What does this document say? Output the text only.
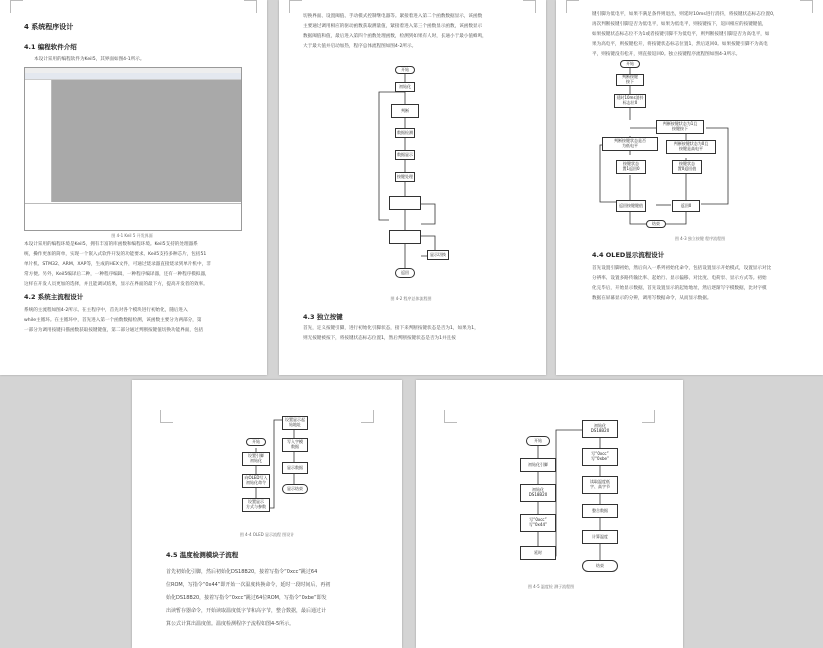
4 系统程序设计
4.1 编程软件介绍
本设计采用的编程软件为Keil5，其界面如图4-1所示。
图 4-1 Keil 5 开发界面
本设计采用的编程环境是Keil5，拥有丰富的库函数和编程环境。Keil5支持的处理器系
统，操作更加的简单，实现一个嵌入式软件开发的功能要求。Keil5支持多种芯片，包括51
单片机、STM32、ARM、XAP等，生成的HEX文件，可通过烧录器直接烧录到单片机中，非
常方便。另外，Keil5编译后二种，一种程序编辑，一种程序编译器，还有一种程序模拟器，
这样在开发人员更加的选择，并且能调试结果，显示在界面的最下方，提高开发者的效率。
4.2 系统主流程设计
系统的主流程如图4-2所示。在主程序中，首先对各个模块进行初始化，随后进入
while主循环。在主循环中，首先进入第一个函数数据检测，该函数主要分为两部分，第
一部分为调用按键扫描函数获取按键键值，第二部分通过判断按键值切换功能界面，包括
切换界面、设置阈值、手动模式控制继电器等。紧接着进入第二个函数数据显示，该函数
主要通过调用相应的驱动函数获取测量值，紧接着进入第三个函数显示函数，该函数显示
数据阈值和值，最后进入第四个函数处理函数，检测到如果有人时，长通小于最小值蜂鸣，
大于最大值并启动加热，程序总体流程图如图4-2所示。
开始
初始化
判断
数据检测
数据显示
按键处理
显示切换
返回
图 4-2 程序总体流程图
4.3 独立按键
首先，定义按键引脚，进行初始化引脚状态，接下来判断按键状态是否为1，如果为1，
则无按键被按下，将按键状态标志位置1，然后判断按键状态是否为1并且按
键引脚为低电平，如果不满足条件则退出，则延时10ms进行消抖，将按键状态标志位置0，
再次判断按键引脚是否为低电平，如果为低电平，则按键按下，返回相应的按键键值，
如果按键状态标志位不为1或者按键引脚不为低电平，则判断按键引脚是否为高电平，如
果为高电平，则按键松开，将按键状态标志位置1，然后返回0。如果按键引脚不为高电
平，则按键没有松开，则直接返回0。独立按键程序流程图如图4-3所示。
开始
判断按键
按下
延时10ms消抖
标志位0
判断按键状态为1且
按键按下
判断按键状态是否
为低电平	判断按键状态为0且
按键是高电平
按键状态
置1返回0
按键状态
置0返回值
返回按键键值	返回0
结束
图 4-3 独立按键 程序流程图
4.4 OLED显示流程设计
首先设置引脚初始，然后向入一系列初始化命令，包括设置显示开始模式，设置显示对比
分辨率、设置多路传输比率、起始行、显示偏移、对比度、电荷泵、显示方式等。初始
化完毕后，开始显示数据，首先设置显示的起始地址，然后逐渐写字模数据，比对字模
数据在屏幕显示的分辨，调用写数据命令，从而显示数据。
开始
设置引脚
初始化
向OLED写入
初始化命令
设置显示
方式与参数
设置显示起
始地址
写入字模
数据
显示数据
显示结束
图 4-4 OLED 显示流程 图设计
4.5 温度检测模块子流程
首先初始化引脚，然后初始化DS18B20，接着写指令“0xcc”跳过64
位ROM，写指令“0x44”即开始一次温度转换命令，延时一段时间后，再初
始化DS18B20，接着写指令“0xcc”跳过64位ROM，写指令“0xbe”即发
出读暂存器命令，开始读取温度低字节和高字节，整合数据，最后通过计
算公式计算出温度值。温度检测程序子流程如图4-5所示。
开始
初始化引脚
初始化
DS18B20
写“0xcc”
写“0x44”
延时
初始化
DS18B20
写“0xcc”
写“0xbe”
读取温度低
字、高字节
整合数据
计算温度
结束
图 4-5 温度检 测子流程图
